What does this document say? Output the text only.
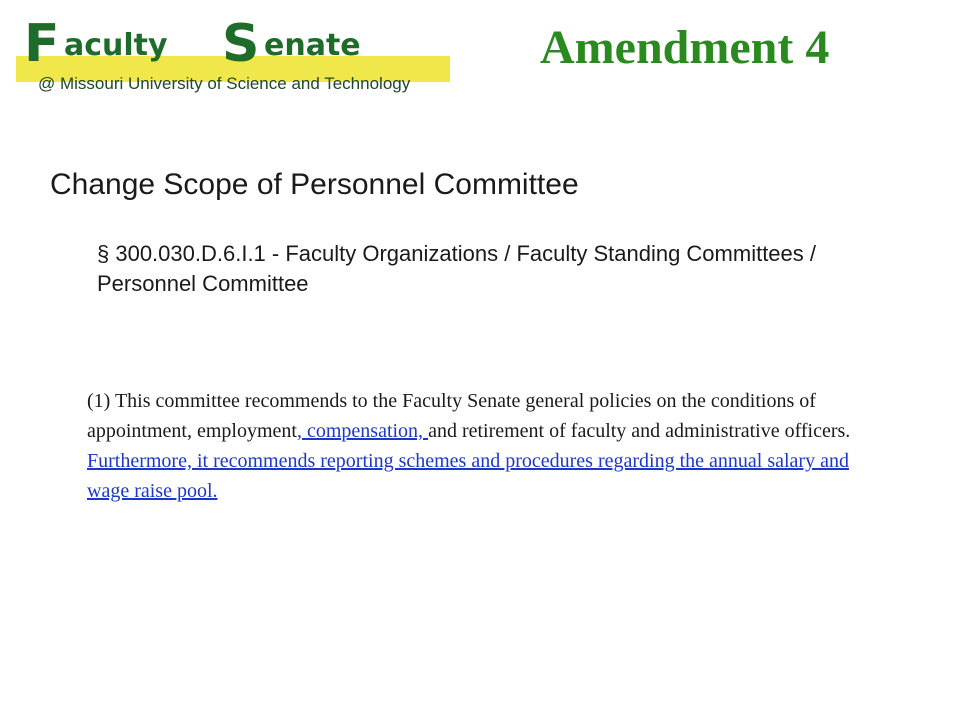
F aculty S enate
@ Missouri University of Science and Technology
Amendment 4
Change Scope of Personnel Committee
§ 300.030.D.6.I.1 - Faculty Organizations / Faculty Standing Committees / Personnel Committee
(1) This committee recommends to the Faculty Senate general policies on the conditions of appointment, employment, compensation, and retirement of faculty and administrative officers. Furthermore, it recommends reporting schemes and procedures regarding the annual salary and wage raise pool.
